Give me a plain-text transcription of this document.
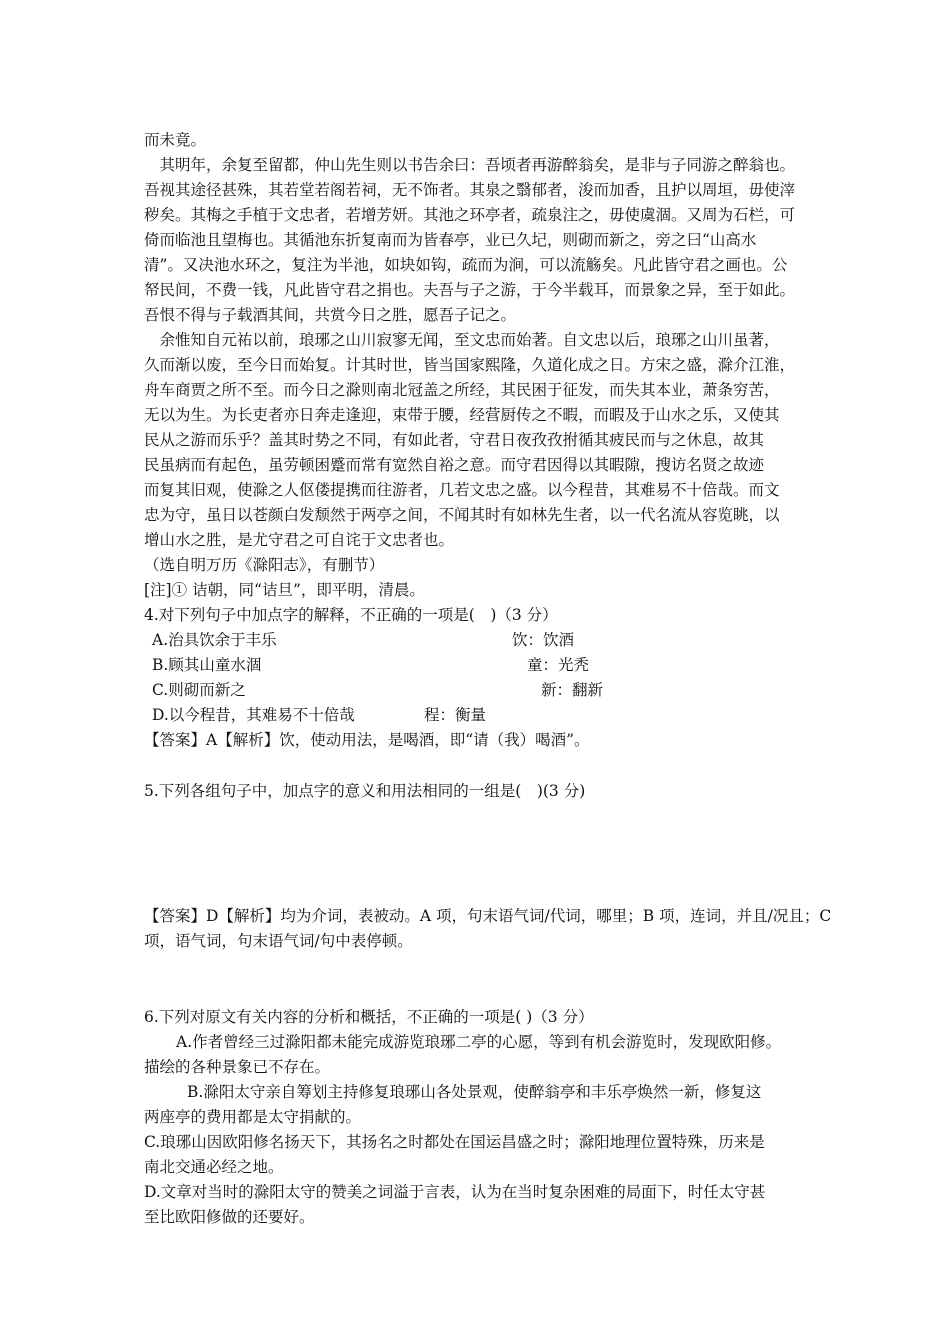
而未竟。
　其明年，余复至留都，仲山先生则以书告余曰：吾顷者再游醉翁矣，是非与子同游之醉翁也。
吾视其途径甚殊，其若堂若阁若祠，无不饰者。其泉之翳郁者，浚而加香，且护以周垣，毋使滓
秽矣。其梅之手植于文忠者，若增芳妍。其池之环亭者，疏泉注之，毋使虞涸。又周为石栏，可
倚而临池且望梅也。其循池东折复南而为皆春亭，业已久圮，则砌而新之，旁之曰“山高水
清”。又决池水环之，复注为半池，如块如钩，疏而为涧，可以流觞矣。凡此皆守君之画也。公
帑民间，不费一钱，凡此皆守君之捐也。夫吾与子之游，于今半载耳，而景象之异，至于如此。
吾恨不得与子载酒其间，共赏今日之胜，愿吾子记之。
　余惟知自元祐以前，琅琊之山川寂寥无闻，至文忠而始著。自文忠以后，琅琊之山川虽著，
久而渐以废，至今日而始复。计其时世，皆当国家熙隆，久道化成之日。方宋之盛，滁介江淮，
舟车商贾之所不至。而今日之滁则南北冠盖之所经，其民困于征发，而失其本业，萧条穷苦，
无以为生。为长吏者亦日奔走逢迎，束带于腰，经营厨传之不暇，而暇及于山水之乐，又使其
民从之游而乐乎？盖其时势之不同，有如此者，守君日夜孜孜拊循其疲民而与之休息，故其
民虽病而有起色，虽劳顿困蹙而常有宽然自裕之意。而守君因得以其暇隙，搜访名贤之故迹
而复其旧观，使滁之人伛偻提携而往游者，几若文忠之盛。以今程昔，其难易不十倍哉。而文
忠为守，虽日以苍颜白发颓然于两亭之间，不闻其时有如林先生者，以一代名流从容览眺，以
增山水之胜，是尤守君之可自诧于文忠者也。
（选自明万历《滁阳志》，有删节）
[注]① 诘朝，同“诘旦”，即平明，清晨。
4.对下列句子中加点字的解释，不正确的一项是(　)（3 分）
A.治具饮余于丰乐	饮：饮酒
B.顾其山童水涸	童：光秃
C.则砌而新之	新：翻新
D.以今程昔，其难易不十倍哉	程：衡量
【答案】A【解析】饮，使动用法，是喝酒，即“请（我）喝酒”。
5.下列各组句子中，加点字的意义和用法相同的一组是(　)(3 分)
【答案】D【解析】均为介词，表被动。A 项，句末语气词/代词，哪里；B 项，连词，并且/况且；C
项，语气词，句末语气词/句中表停顿。
6.下列对原文有关内容的分析和概括，不正确的一项是( )（3 分）
A.作者曾经三过滁阳都未能完成游览琅琊二亭的心愿，等到有机会游览时，发现欧阳修。
描绘的各种景象已不存在。
B.滁阳太守亲自筹划主持修复琅琊山各处景观，使醉翁亭和丰乐亭焕然一新，修复这
两座亭的费用都是太守捐献的。
C.琅琊山因欧阳修名扬天下，其扬名之时都处在国运昌盛之时；滁阳地理位置特殊，历来是
南北交通必经之地。
D.文章对当时的滁阳太守的赞美之词溢于言表，认为在当时复杂困难的局面下，时任太守甚
至比欧阳修做的还要好。
